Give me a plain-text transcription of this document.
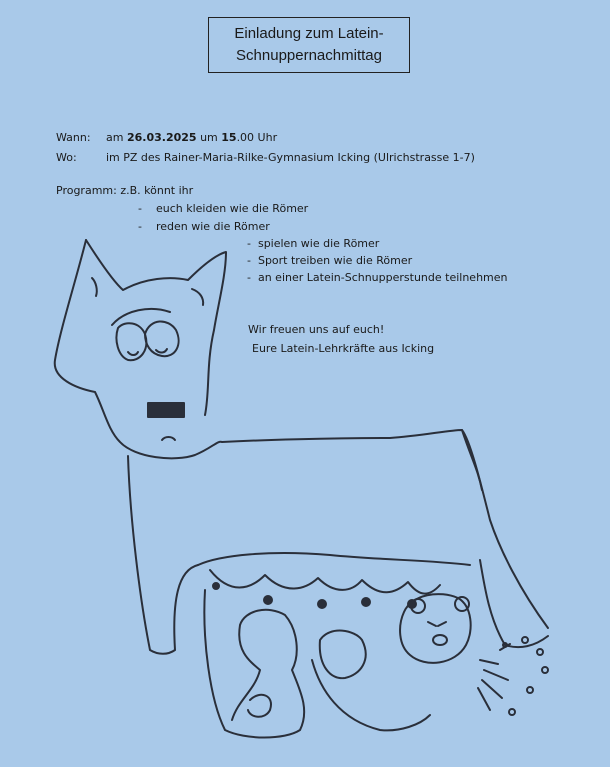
Einladung zum Latein-
Schnuppernachmittag
Wann: am 26.03.2025 um 15.00 Uhr
Wo:	im PZ des Rainer-Maria-Rilke-Gymnasium Icking (Ulrichstrasse 1-7)
Programm: z.B. könnt ihr
-    euch kleiden wie die Römer
-    reden wie die Römer
-  spielen wie die Römer
-  Sport treiben wie die Römer
-  an einer Latein-Schnupperstunde teilnehmen
Wir freuen uns auf euch!
Eure Latein-Lehrkräfte aus Icking
